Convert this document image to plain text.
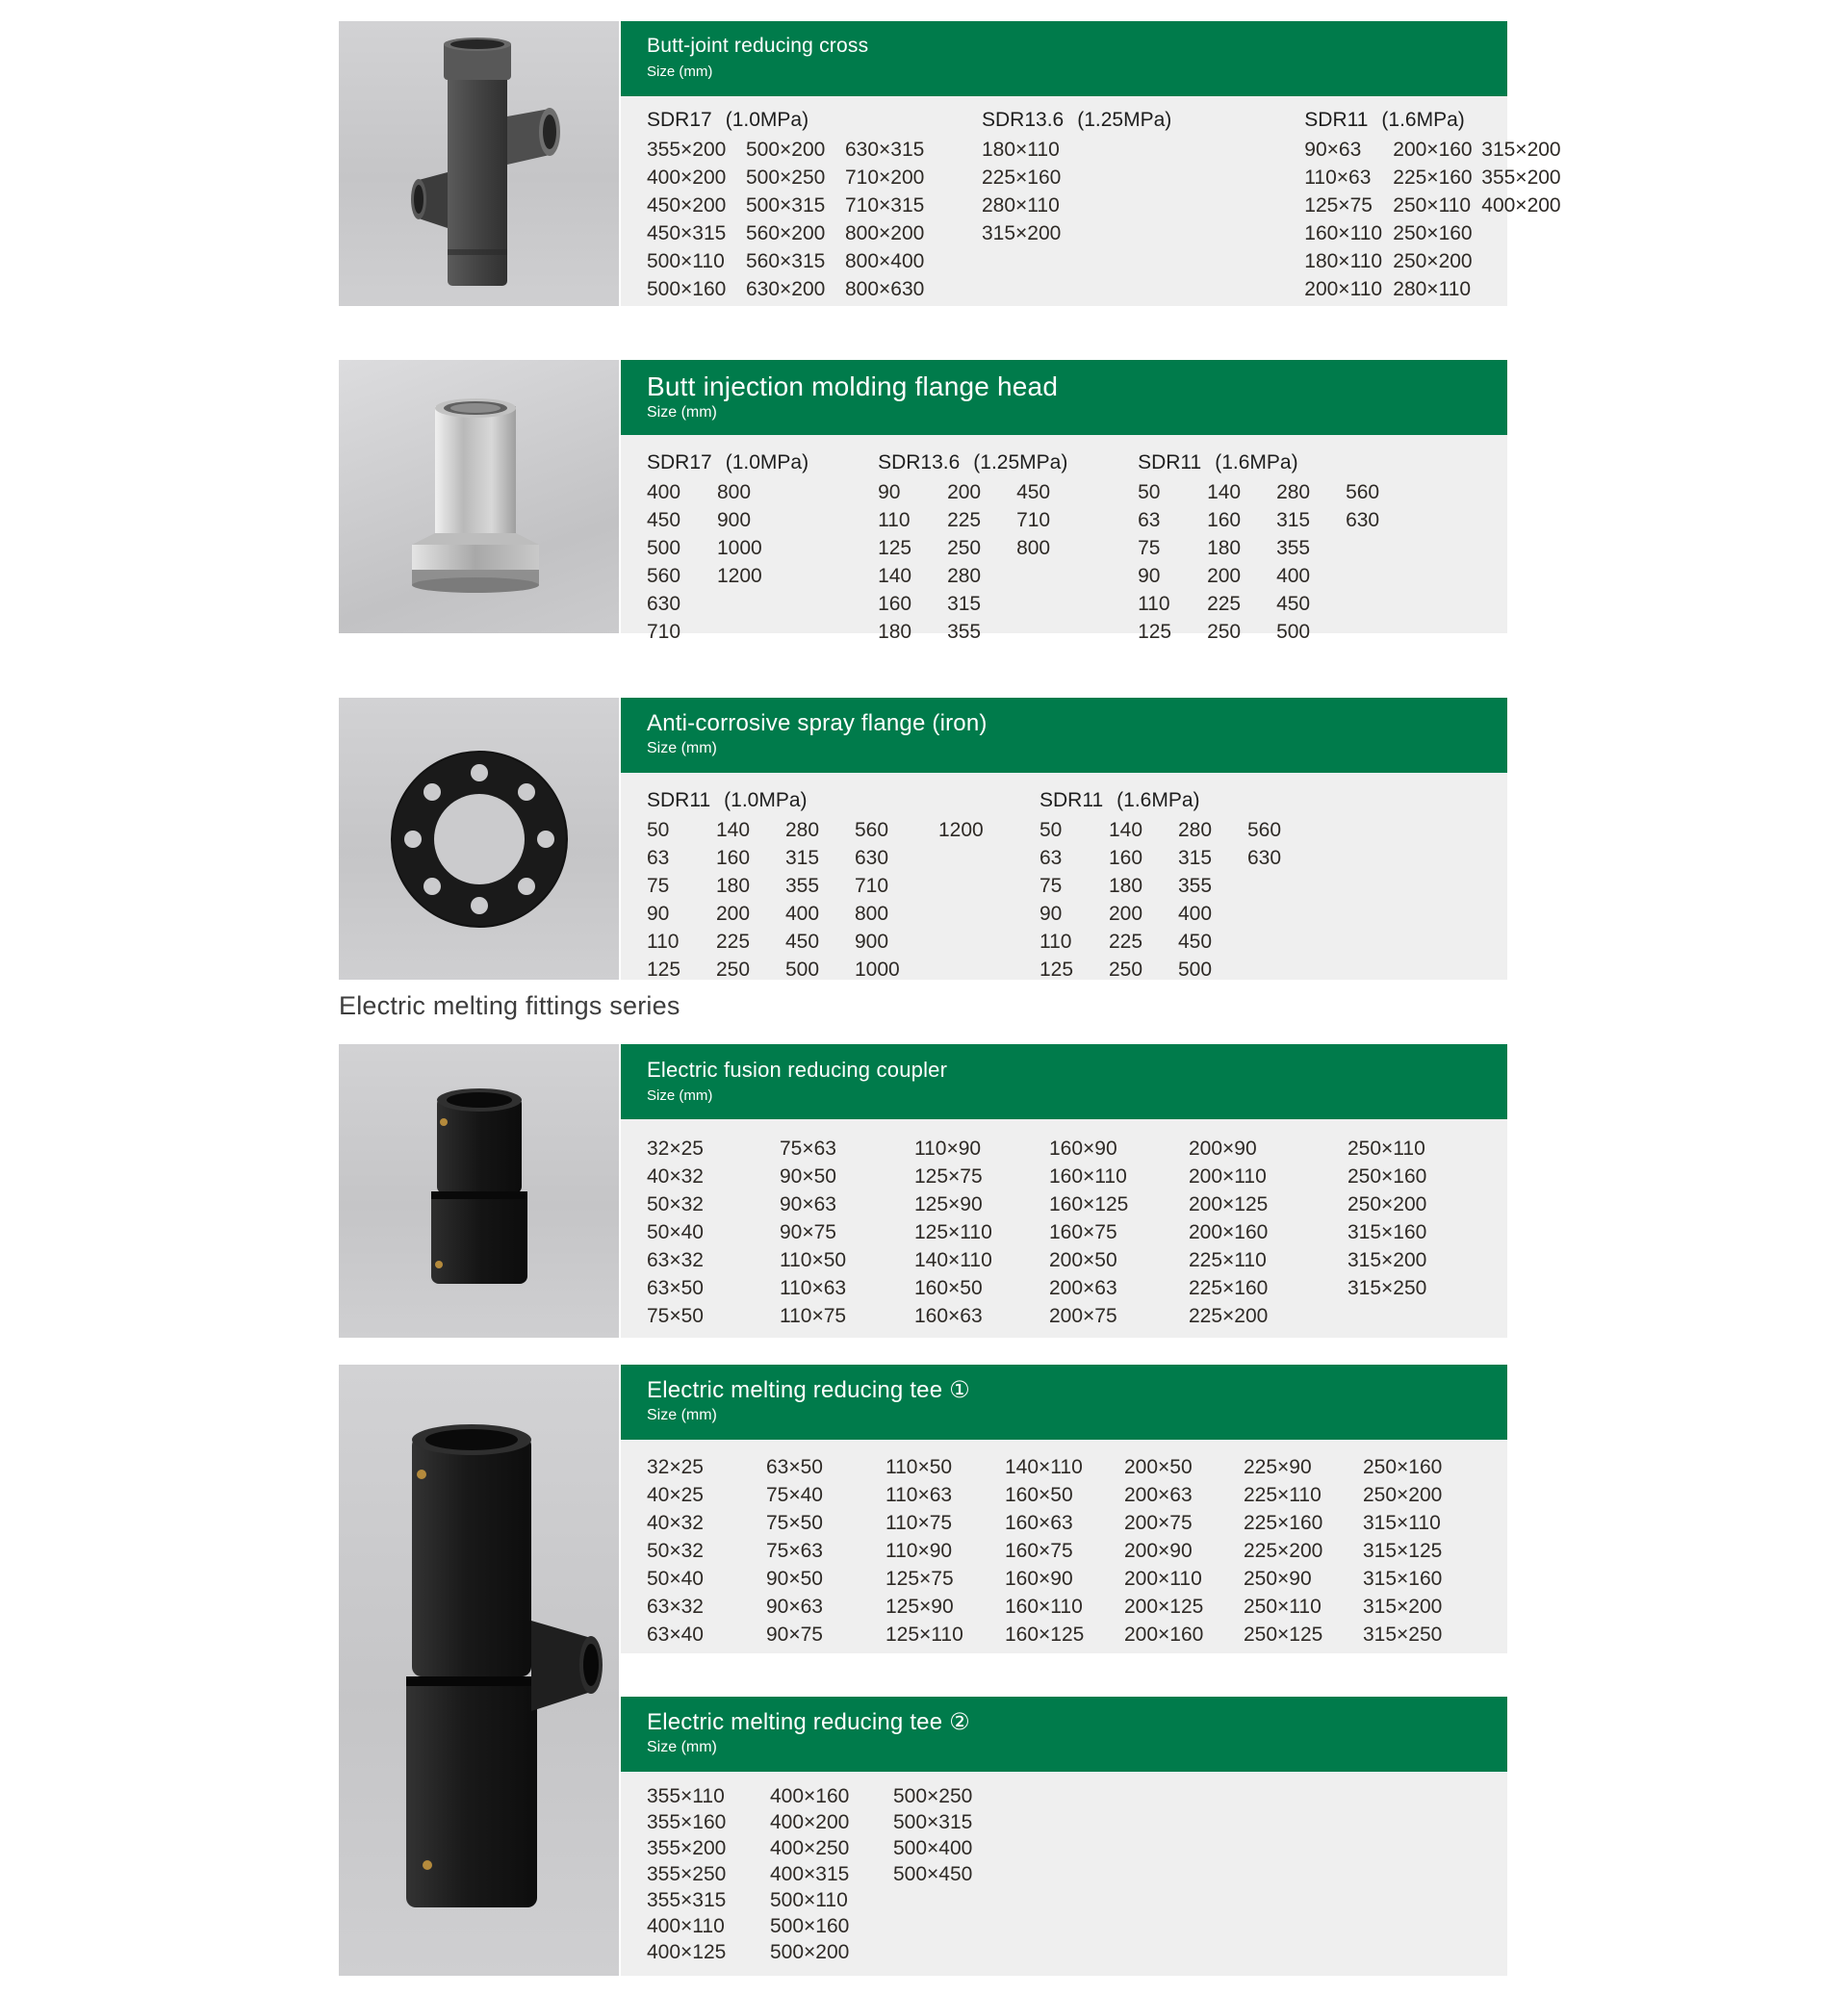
Electric melting fittings series
Butt-joint reducing cross
Size (mm)
SDR17 (1.0MPa)
355×200
400×200
450×200
450×315
500×110
500×160
500×200
500×250
500×315
560×200
560×315
630×200
630×315
710×200
710×315
800×200
800×400
800×630
SDR13.6 (1.25MPa)
180×110
225×160
280×110
315×200
SDR11 (1.6MPa)
90×63
110×63
125×75
160×110
180×110
200×110
200×160
225×160
250×110
250×160
250×200
280×110
315×200
355×200
400×200
Butt injection molding flange head
Size (mm)
SDR17 (1.0MPa)
400
450
500
560
630
710
800
900
1000
1200
SDR13.6 (1.25MPa)
90
110
125
140
160
180
200
225
250
280
315
355
450
710
800
SDR11 (1.6MPa)
50
63
75
90
110
125
140
160
180
200
225
250
280
315
355
400
450
500
560
630
Anti-corrosive spray flange (iron)
Size (mm)
SDR11 (1.0MPa)
50
63
75
90
110
125
140
160
180
200
225
250
280
315
355
400
450
500
560
630
710
800
900
1000
1200
SDR11 (1.6MPa)
50
63
75
90
110
125
140
160
180
200
225
250
280
315
355
400
450
500
560
630
Electric fusion reducing coupler
Size (mm)
32×25
40×32
50×32
50×40
63×32
63×50
75×50
75×63
90×50
90×63
90×75
110×50
110×63
110×75
110×90
125×75
125×90
125×110
140×110
160×50
160×63
160×90
160×110
160×125
160×75
200×50
200×63
200×75
200×90
200×110
200×125
200×160
225×110
225×160
225×200
250×110
250×160
250×200
315×160
315×200
315×250
Electric melting reducing tee ①
Size (mm)
32×25
40×25
40×32
50×32
50×40
63×32
63×40
63×50
75×40
75×50
75×63
90×50
90×63
90×75
110×50
110×63
110×75
110×90
125×75
125×90
125×110
140×110
160×50
160×63
160×75
160×90
160×110
160×125
200×50
200×63
200×75
200×90
200×110
200×125
200×160
225×90
225×110
225×160
225×200
250×90
250×110
250×125
250×160
250×200
315×110
315×125
315×160
315×200
315×250
Electric melting reducing tee ②
Size (mm)
355×110
355×160
355×200
355×250
355×315
400×110
400×125
400×160
400×200
400×250
400×315
500×110
500×160
500×200
500×250
500×315
500×400
500×450
